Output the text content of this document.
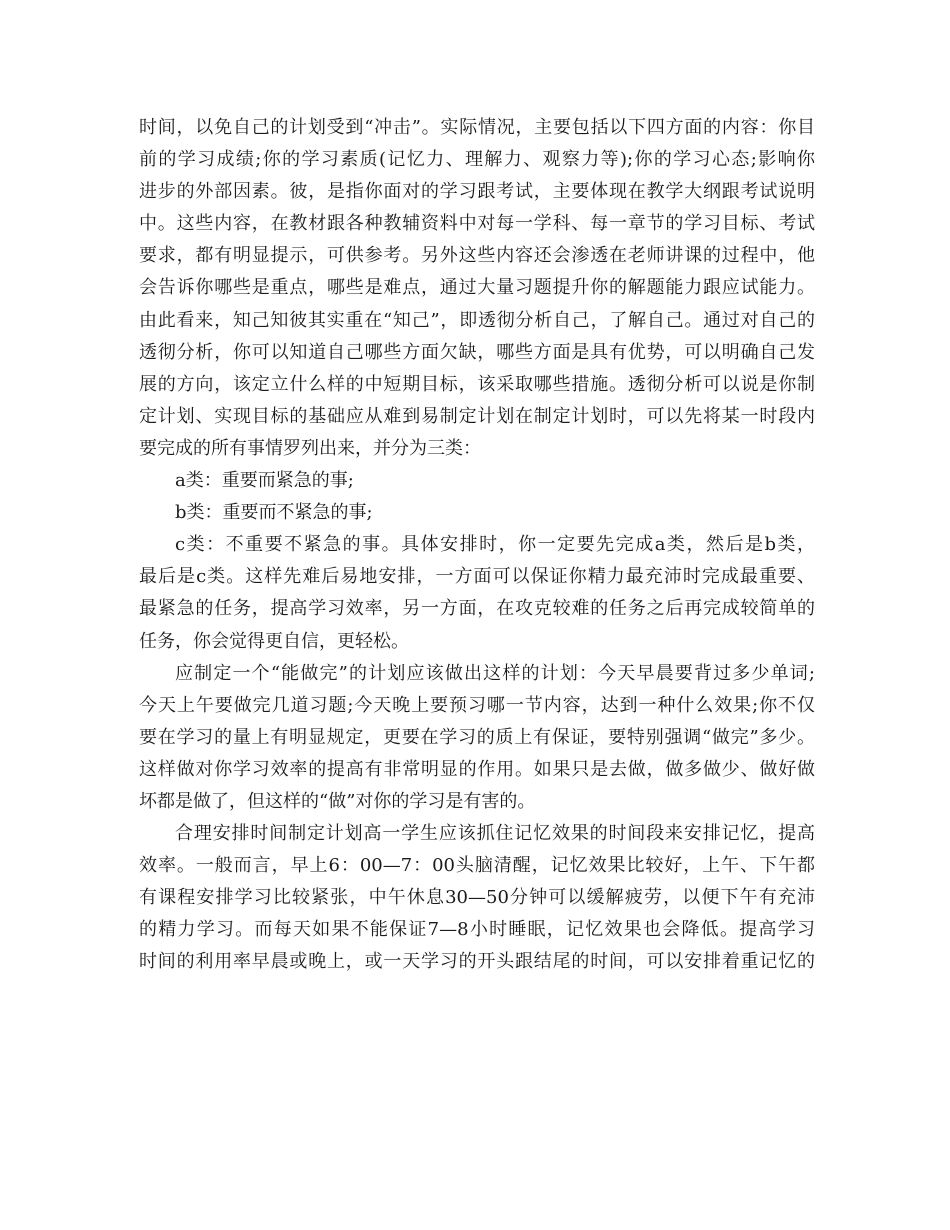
时间，以免自己的计划受到“冲击”。实际情况，主要包括以下四方面的内容：你目
前的学习成绩;你的学习素质(记忆力、理解力、观察力等);你的学习心态;影响你
进步的外部因素。彼，是指你面对的学习跟考试，主要体现在教学大纲跟考试说明
中。这些内容，在教材跟各种教辅资料中对每一学科、每一章节的学习目标、考试
要求，都有明显提示，可供参考。另外这些内容还会渗透在老师讲课的过程中，他
会告诉你哪些是重点，哪些是难点，通过大量习题提升你的解题能力跟应试能力。
由此看来，知己知彼其实重在“知己”，即透彻分析自己，了解自己。通过对自己的
透彻分析，你可以知道自己哪些方面欠缺，哪些方面是具有优势，可以明确自己发
展的方向，该定立什么样的中短期目标，该采取哪些措施。透彻分析可以说是你制
定计划、实现目标的基础应从难到易制定计划在制定计划时，可以先将某一时段内
要完成的所有事情罗列出来，并分为三类：
a类：重要而紧急的事;
b类：重要而不紧急的事;
c类：不重要不紧急的事。具体安排时，你一定要先完成a类，然后是b类，
最后是c类。这样先难后易地安排，一方面可以保证你精力最充沛时完成最重要、
最紧急的任务，提高学习效率，另一方面，在攻克较难的任务之后再完成较简单的
任务，你会觉得更自信，更轻松。
应制定一个“能做完”的计划应该做出这样的计划：今天早晨要背过多少单词;
今天上午要做完几道习题;今天晚上要预习哪一节内容，达到一种什么效果;你不仅
要在学习的量上有明显规定，更要在学习的质上有保证，要特别强调“做完”多少。
这样做对你学习效率的提高有非常明显的作用。如果只是去做，做多做少、做好做
坏都是做了，但这样的“做”对你的学习是有害的。
合理安排时间制定计划高一学生应该抓住记忆效果的时间段来安排记忆，提高
效率。一般而言，早上6：00—7：00头脑清醒，记忆效果比较好，上午、下午都
有课程安排学习比较紧张，中午休息30—50分钟可以缓解疲劳，以便下午有充沛
的精力学习。而每天如果不能保证7—8小时睡眠，记忆效果也会降低。提高学习
时间的利用率早晨或晚上，或一天学习的开头跟结尾的时间，可以安排着重记忆的
